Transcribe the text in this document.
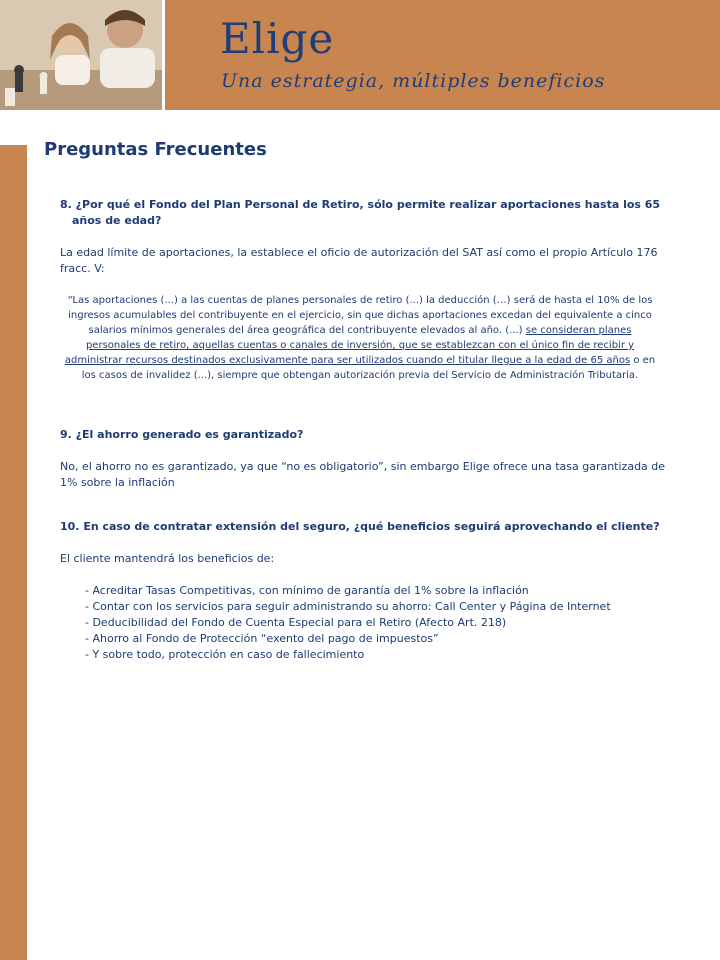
Elige

Una estrategia, múltiples beneficios

Preguntas Frecuentes

8. ¿Por qué el Fondo del Plan Personal de Retiro, sólo permite realizar aportaciones hasta los 65 años de edad?

La edad límite de aportaciones, la establece el oficio de autorización del SAT así como el propio Artículo 176 fracc. V:

“Las aportaciones (...) a las cuentas de planes personales de retiro (...) la deducción (…) será de hasta el 10% de los ingresos acumulables del contribuyente en el ejercicio, sin que dichas aportaciones excedan del equivalente a cinco salarios mínimos generales del área geográfica del contribuyente elevados al año. (...) se consideran planes personales de retiro, aquellas cuentas o canales de inversión, que se establezcan con el único fin de recibir y administrar recursos destinados exclusivamente para ser utilizados cuando el titular llegue a la edad de 65 años o en los casos de invalidez (...), siempre que obtengan autorización previa del Servicio de Administración Tributaria.

9. ¿El ahorro generado es garantizado?

No, el ahorro no es garantizado, ya que “no es obligatorio”, sin embargo Elige ofrece una tasa garantizada de 1% sobre la inflación

10. En caso de contratar extensión del seguro, ¿qué beneficios seguirá aprovechando el cliente?

El cliente mantendrá los beneficios de:

- Acreditar Tasas Competitivas, con mínimo de garantía del 1% sobre la inflación
- Contar con los servicios para seguir administrando su ahorro: Call Center y Página de Internet
- Deducibilidad del Fondo de Cuenta Especial para el Retiro (Afecto Art. 218)
- Ahorro al Fondo de Protección “exento del pago de impuestos”
- Y sobre todo, protección en caso de fallecimiento
